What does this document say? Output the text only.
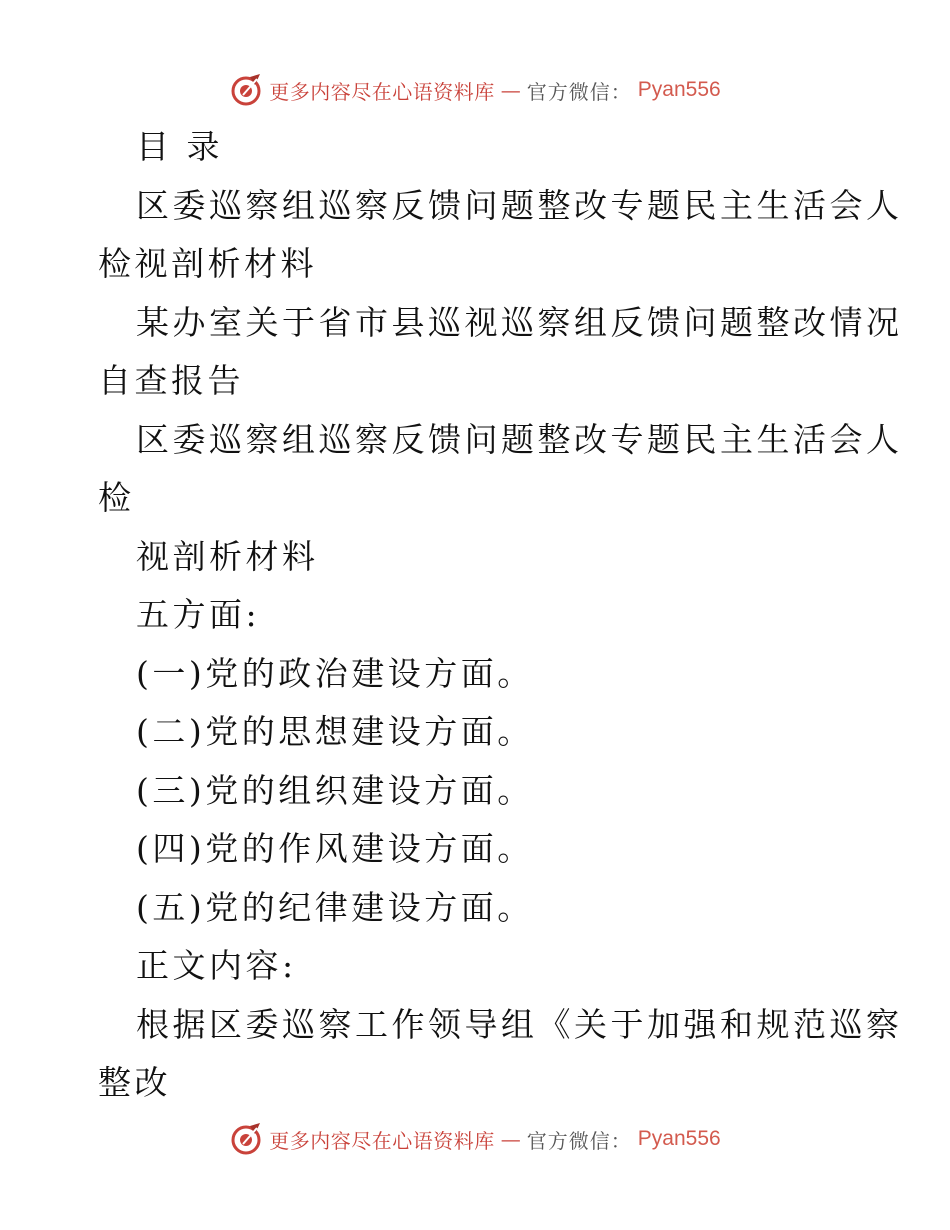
更多内容尽在心语资料库 — 官方微信： Pyan556
目 录
区委巡察组巡察反馈问题整改专题民主生活会人
检视剖析材料
某办室关于省市县巡视巡察组反馈问题整改情况
自查报告
区委巡察组巡察反馈问题整改专题民主生活会人
检
视剖析材料
五方面:
(一)党的政治建设方面。
(二)党的思想建设方面。
(三)党的组织建设方面。
(四)党的作风建设方面。
(五)党的纪律建设方面。
正文内容:
根据区委巡察工作领导组《关于加强和规范巡察
整改
更多内容尽在心语资料库 — 官方微信： Pyan556
